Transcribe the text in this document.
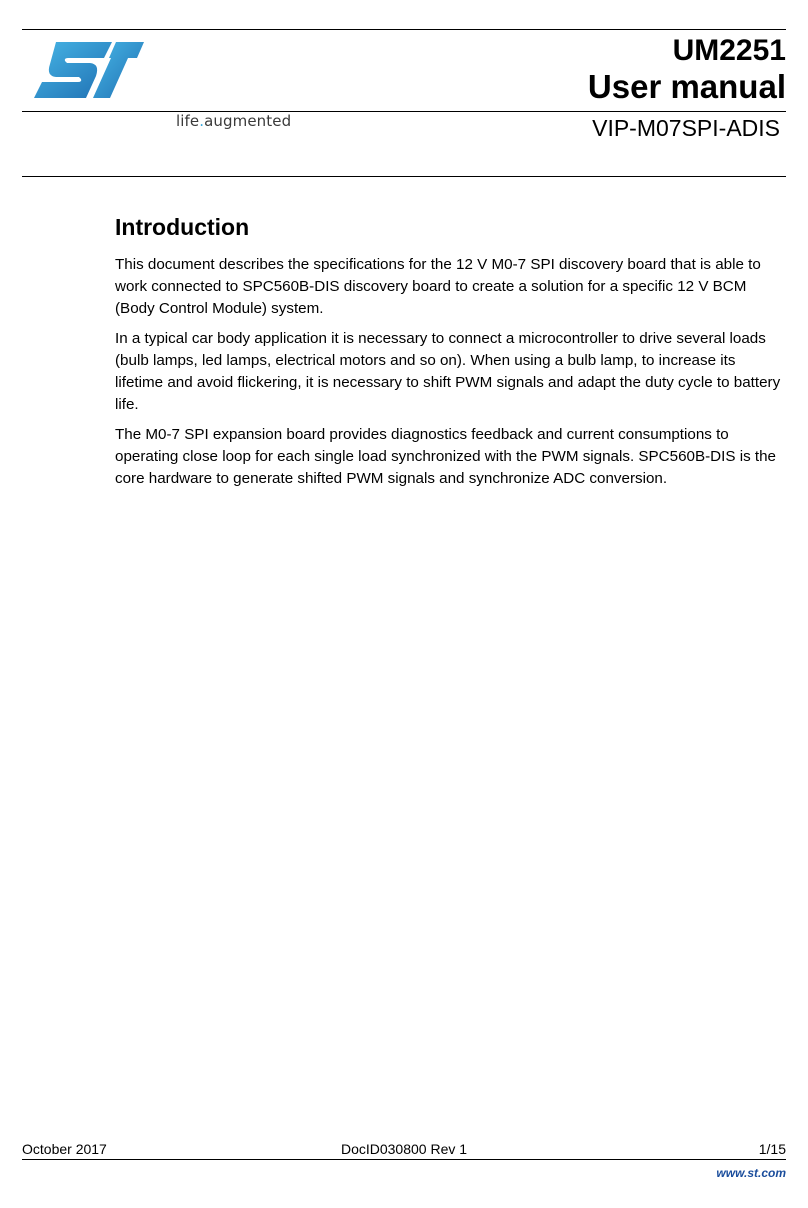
life.augmented
UM2251
User manual
VIP-M07SPI-ADIS
Introduction

This document describes the specifications for the 12 V M0-7 SPI discovery board that is able to work connected to SPC560B-DIS discovery board to create a solution for a specific 12 V BCM (Body Control Module) system.

In a typical car body application it is necessary to connect a microcontroller to drive several loads (bulb lamps, led lamps, electrical motors and so on). When using a bulb lamp, to increase its lifetime and avoid flickering, it is necessary to shift PWM signals and adapt the duty cycle to battery life.

The M0-7 SPI expansion board provides diagnostics feedback and current consumptions to operating close loop for each single load synchronized with the PWM signals. SPC560B-DIS is the core hardware to generate shifted PWM signals and synchronize ADC conversion.

October 2017	DocID030800 Rev 1	1/15
www.st.com
